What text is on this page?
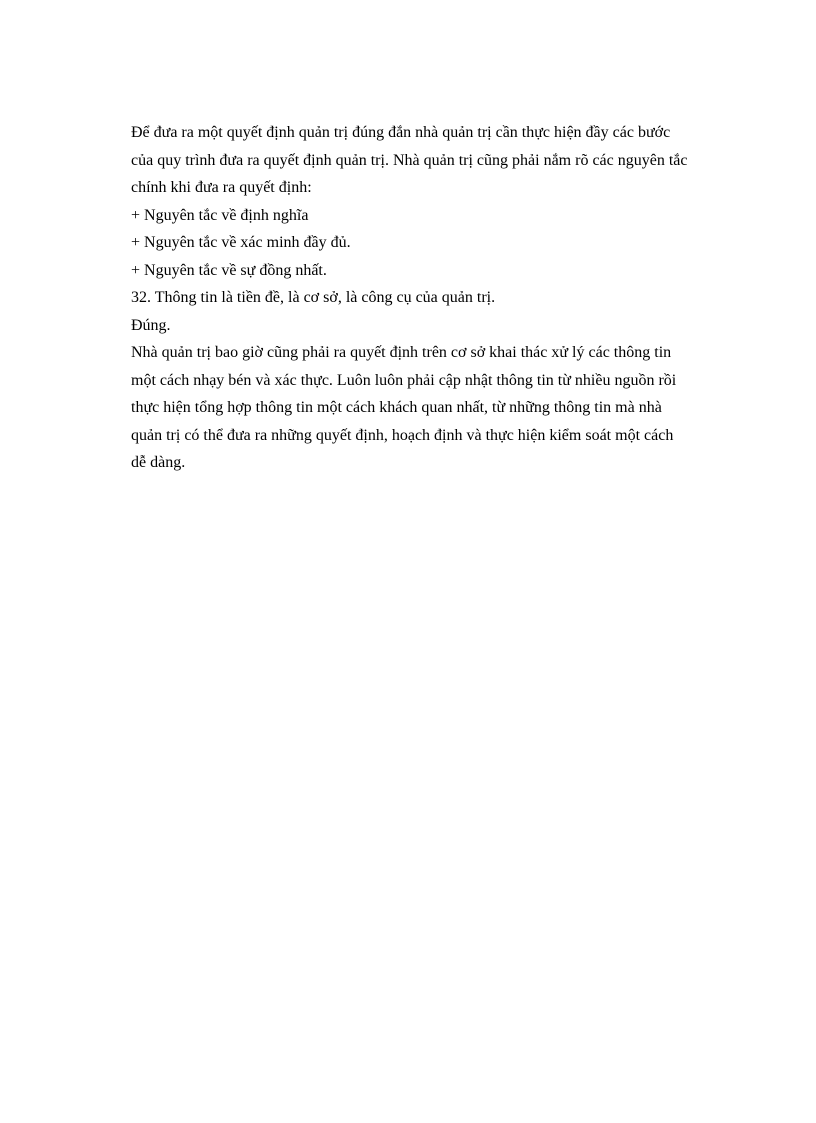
Để đưa ra một quyết định quản trị đúng đắn nhà quản trị cần thực hiện đầy các bước

của quy trình đưa ra quyết định quản trị. Nhà quản trị cũng phải nắm rõ các nguyên tắc

chính khi đưa ra quyết định:

+ Nguyên tắc về định nghĩa

+ Nguyên tắc về xác minh đầy đủ.

+ Nguyên tắc về sự đồng nhất.

32. Thông tin là tiền đề, là cơ sở, là công cụ của quản trị.

Đúng.

Nhà quản trị bao giờ cũng phải ra quyết định trên cơ sở khai thác xử lý các thông tin

một cách nhạy bén và xác thực. Luôn luôn phải cập nhật thông tin từ nhiều nguồn rồi

thực hiện tổng hợp thông tin một cách khách quan nhất, từ những thông tin mà nhà

quản trị có thể đưa ra những quyết định, hoạch định và thực hiện kiểm soát một cách

dễ dàng.
